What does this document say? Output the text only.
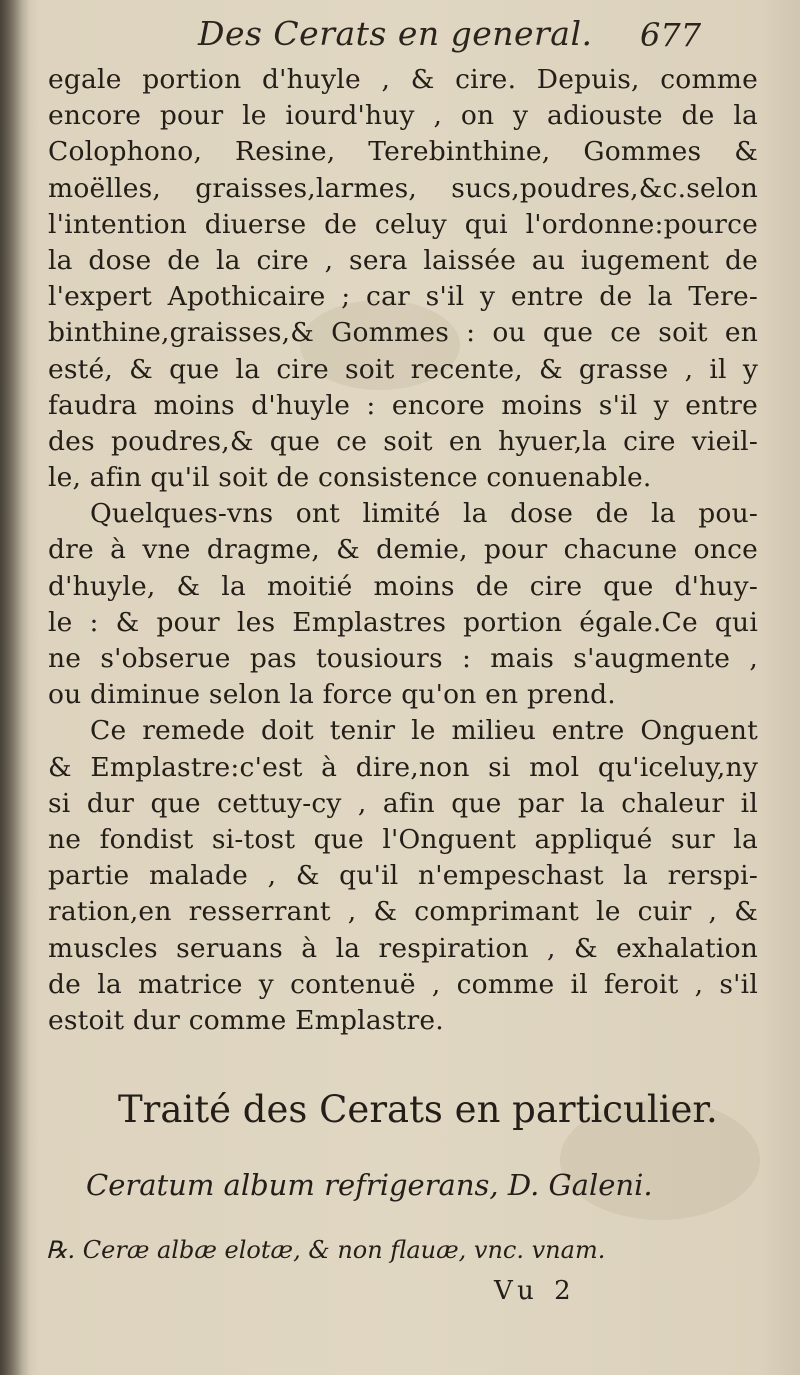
Des Cerats en general. 677
egale portion d'huyle , & cire. Depuis, comme
encore pour le iourd'huy , on y adiouste de la
Colophono, Resine, Terebinthine, Gommes &
moëlles, graisses,larmes, sucs,poudres,&c.selon
l'intention diuerse de celuy qui l'ordonne:pource
la dose de la cire , sera laissée au iugement de
l'expert Apothicaire ; car s'il y entre de la Tere-
binthine,graisses,& Gommes : ou que ce soit en
esté, & que la cire soit recente, & grasse , il y
faudra moins d'huyle : encore moins s'il y entre
des poudres,& que ce soit en hyuer,la cire vieil-
le, afin qu'il soit de consistence conuenable.
Quelques-vns ont limité la dose de la pou-
dre à vne dragme, & demie, pour chacune once
d'huyle, & la moitié moins de cire que d'huy-
le : & pour les Emplastres portion égale.Ce qui
ne s'obserue pas tousiours : mais s'augmente ,
ou diminue selon la force qu'on en prend.
Ce remede doit tenir le milieu entre Onguent
& Emplastre:c'est à dire,non si mol qu'iceluy,ny
si dur que cettuy-cy , afin que par la chaleur il
ne fondist si-tost que l'Onguent appliqué sur la
partie malade , & qu'il n'empeschast la rerspi-
ration,en resserrant , & comprimant le cuir , &
muscles seruans à la respiration , & exhalation
de la matrice y contenuë , comme il feroit , s'il
estoit dur comme Emplastre.
Traité des Cerats en particulier.
Ceratum album refrigerans, D. Galeni.
℞. Ceræ albæ elotæ, & non flauæ, vnc. vnam.
Vu 2
